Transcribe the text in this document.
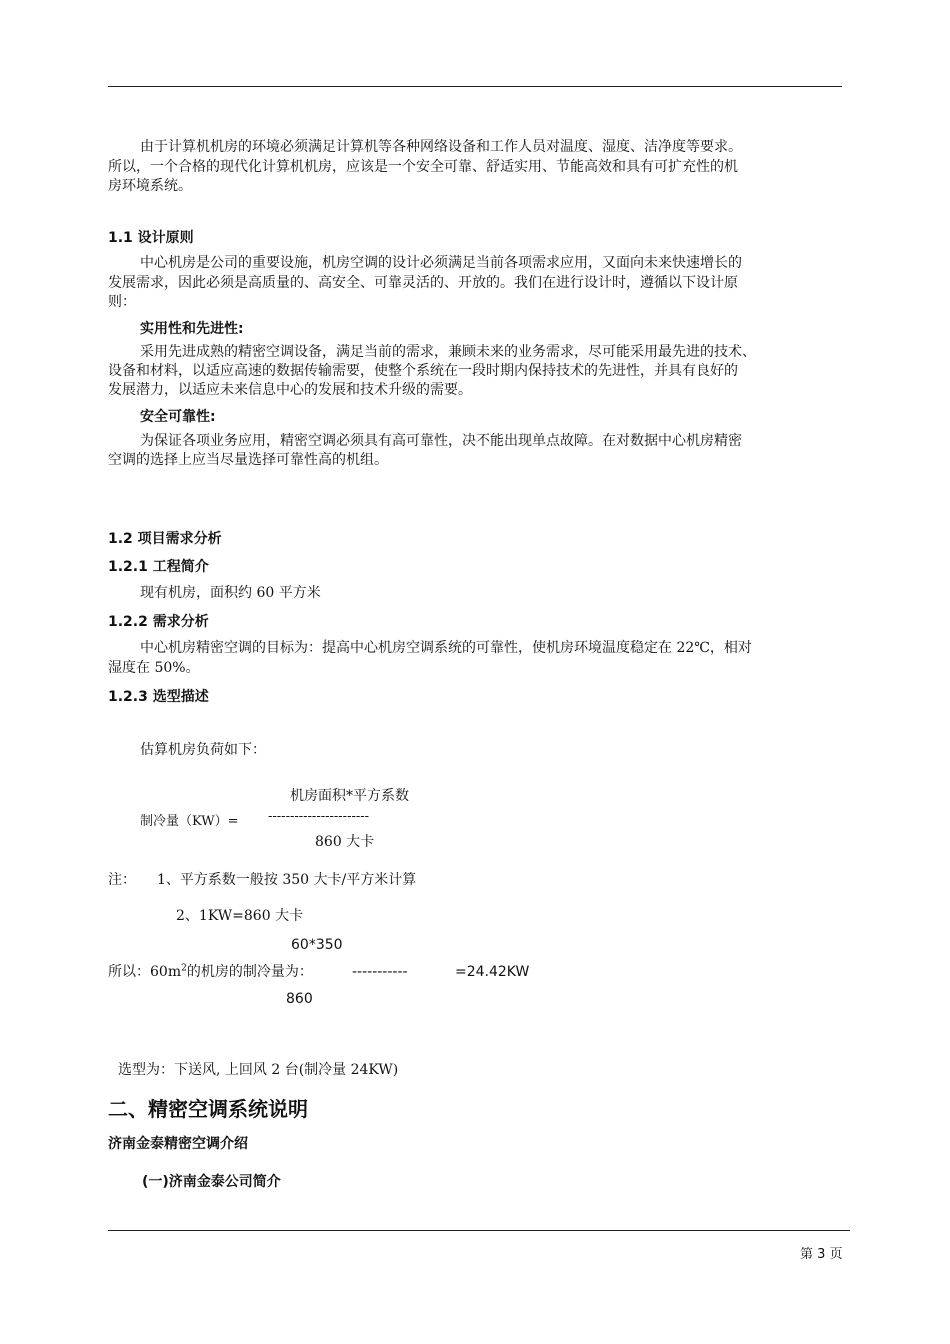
由于计算机机房的环境必须满足计算机等各种网络设备和工作人员对温度、湿度、洁净度等要求。
所以，一个合格的现代化计算机机房，应该是一个安全可靠、舒适实用、节能高效和具有可扩充性的机
房环境系统。
1.1 设计原则
中心机房是公司的重要设施，机房空调的设计必须满足当前各项需求应用，又面向未来快速增长的
发展需求，因此必须是高质量的、高安全、可靠灵活的、开放的。我们在进行设计时，遵循以下设计原
则：
实用性和先进性:
采用先进成熟的精密空调设备，满足当前的需求，兼顾未来的业务需求，尽可能采用最先进的技术、
设备和材料，以适应高速的数据传输需要，使整个系统在一段时期内保持技术的先进性，并具有良好的
发展潜力，以适应未来信息中心的发展和技术升级的需要。
安全可靠性:
为保证各项业务应用，精密空调必须具有高可靠性，决不能出现单点故障。在对数据中心机房精密
空调的选择上应当尽量选择可靠性高的机组。
1.2 项目需求分析
1.2.1 工程简介
现有机房，面积约 60 平方米
1.2.2 需求分析
中心机房精密空调的目标为：提高中心机房空调系统的可靠性，使机房环境温度稳定在 22℃，相对
湿度在 50%。
1.2.3 选型描述
估算机房负荷如下：
机房面积*平方系数
制冷量（KW）= -----------------------
860 大卡
注： 1、平方系数一般按 350 大卡/平方米计算
2、1KW=860 大卡
60*350
所以：$60m^2$的机房的制冷量为：	-----------	=24.42KW
860
选型为：下送风, 上回风 2 台(制冷量 24KW)
二、精密空调系统说明
济南金泰精密空调介绍
(一)济南金泰公司简介
第 3 页
